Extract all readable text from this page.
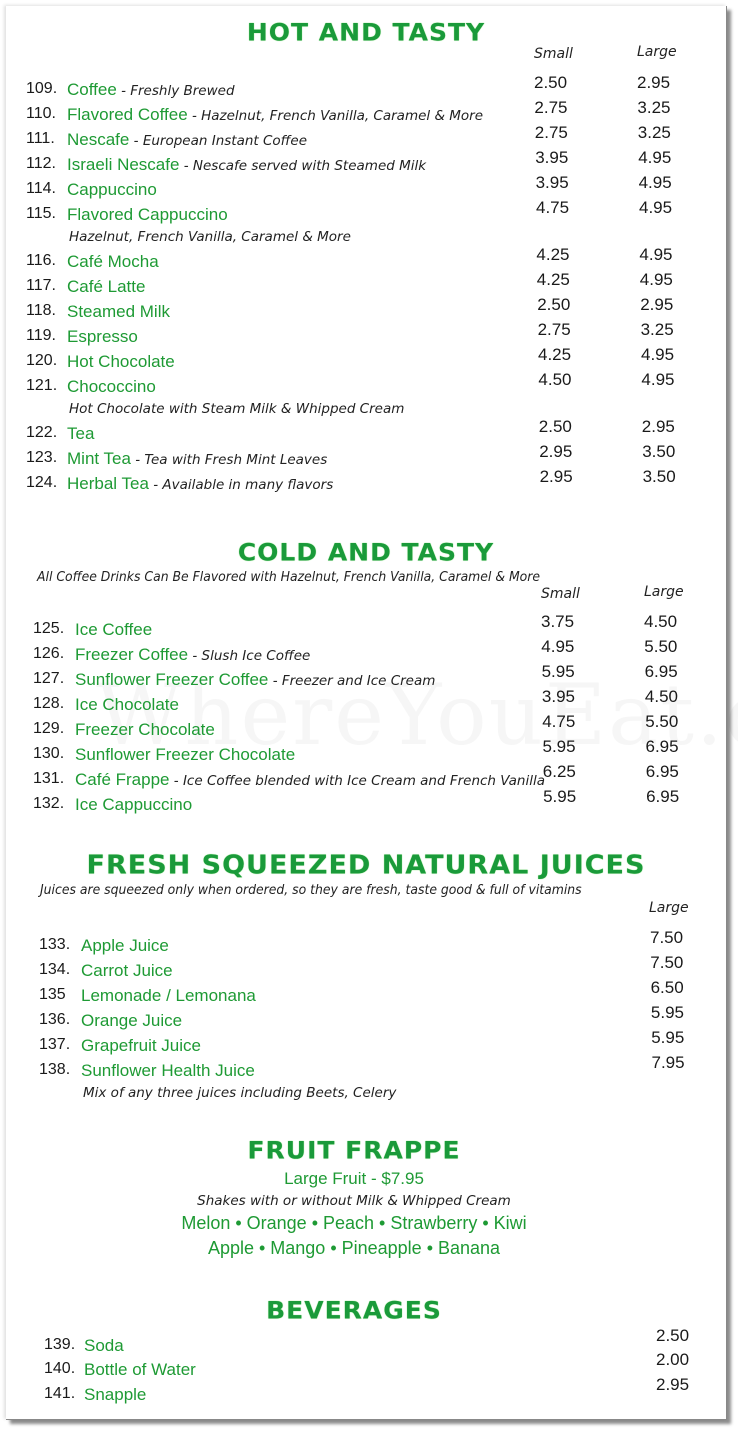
HOT AND TASTY
Small	Large
109. Coffee - Freshly Brewed	2.50	2.95
110. Flavored Coffee - Hazelnut, French Vanilla, Caramel & More	2.75	3.25
111. Nescafe - European Instant Coffee	2.75	3.25
112. Israeli Nescafe - Nescafe served with Steamed Milk	3.95	4.95
114. Cappuccino	3.95	4.95
115. Flavored Cappuccino
Hazelnut, French Vanilla, Caramel & More
4.75	4.95
116. Café Mocha	4.25	4.95
117. Café Latte	4.25	4.95
118. Steamed Milk	2.50	2.95
119. Espresso	2.75	3.25
120. Hot Chocolate	4.25	4.95
121. Chococcino
Hot Chocolate with Steam Milk & Whipped Cream
4.50	4.95
122. Tea	2.50	2.95
123. Mint Tea - Tea with Fresh Mint Leaves	2.95	3.50
124. Herbal Tea - Available in many flavors	2.95	3.50
COLD AND TASTY
All Coffee Drinks Can Be Flavored with Hazelnut, French Vanilla, Caramel & More
Small	Large
125. Ice Coffee	3.75	4.50
126. Freezer Coffee - Slush Ice Coffee	4.95	5.50
127. Sunflower Freezer Coffee - Freezer and Ice Cream	5.95	6.95
128. Ice Chocolate	3.95	4.50
129. Freezer Chocolate	4.75	5.50
130. Sunflower Freezer Chocolate	5.95	6.95
131. Café Frappe - Ice Coffee blended with Ice Cream and French Vanilla
6.25	6.95
132. Ice Cappuccino	5.95	6.95
FRESH SQUEEZED NATURAL JUICES
Juices are squeezed only when ordered, so they are fresh, taste good & full of vitamins
Large
133. Apple Juice	7.50
134. Carrot Juice	7.50
135 Lemonade / Lemonana	6.50
136. Orange Juice	5.95
137. Grapefruit Juice	5.95
138. Sunflower Health Juice
Mix of any three juices including Beets, Celery
7.95
FRUIT FRAPPE
Large Fruit - $7.95
Shakes with or without Milk & Whipped Cream
Melon • Orange • Peach • Strawberry • Kiwi
Apple • Mango • Pineapple • Banana
BEVERAGES
139. Soda
2.50
140. Bottle of Water
2.00
141. Snapple
2.95
